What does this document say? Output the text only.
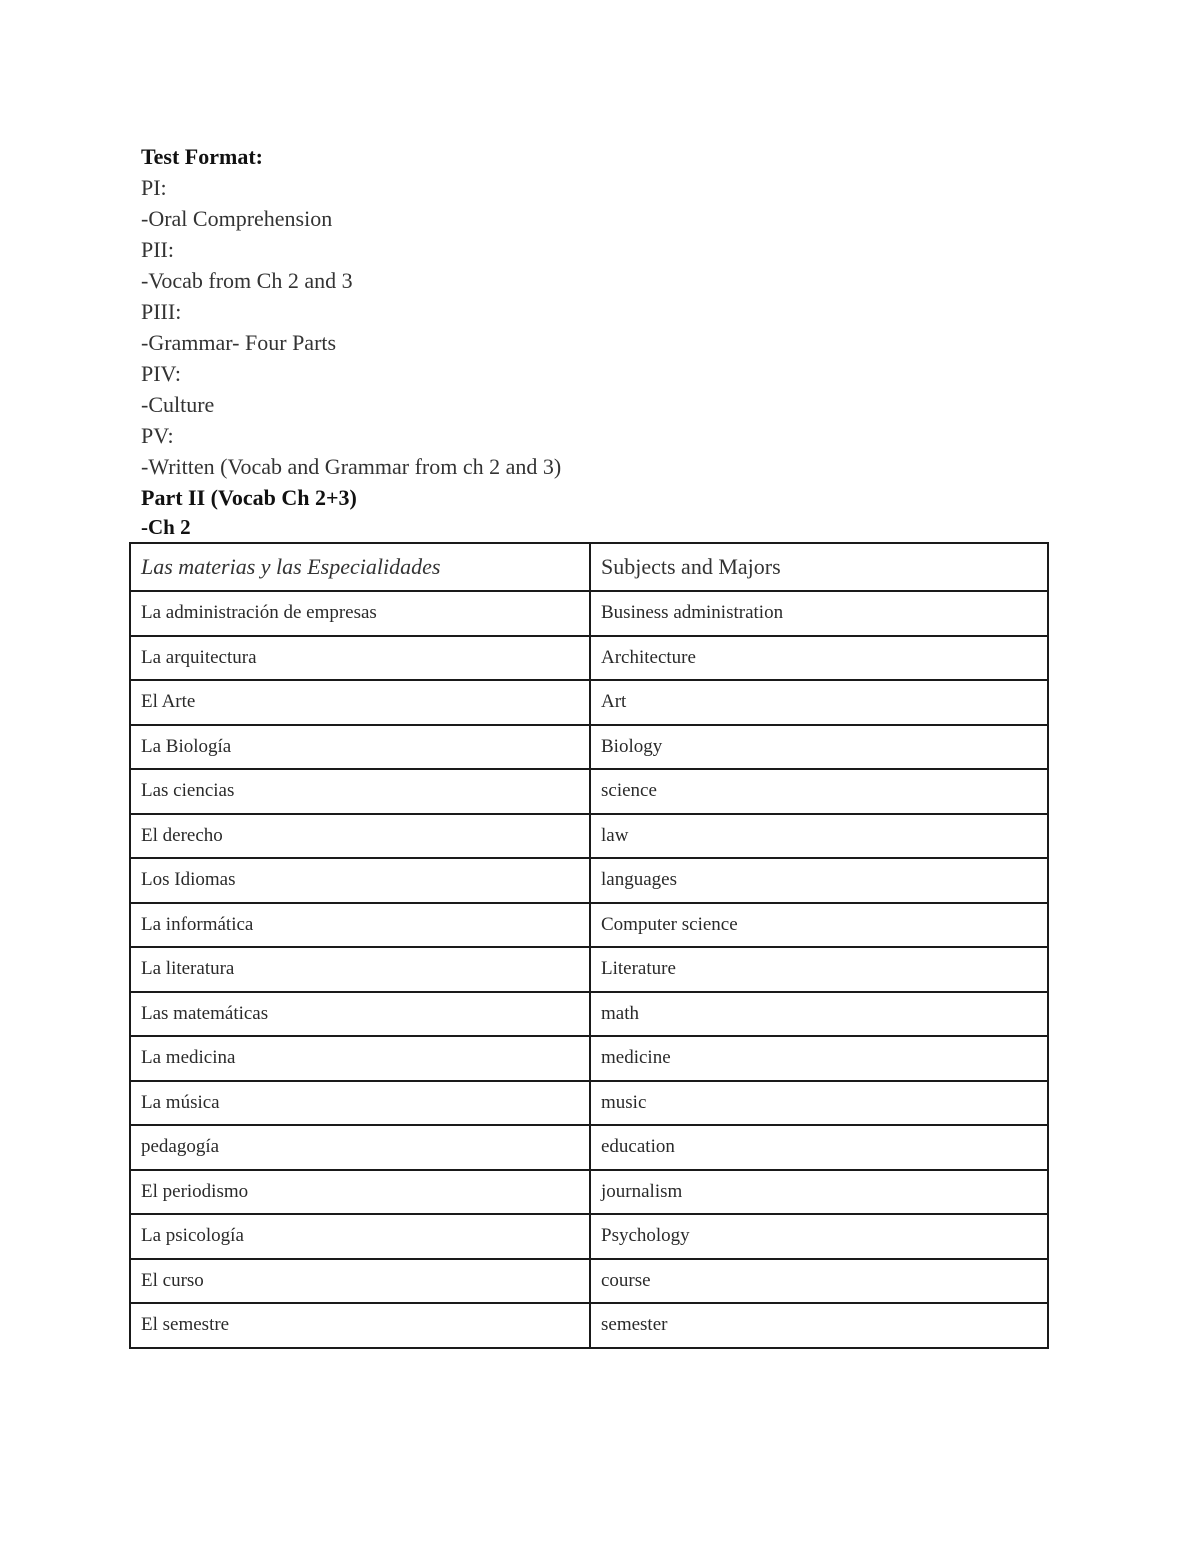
Test Format:
PI:
-Oral Comprehension
PII:
-Vocab from Ch 2 and 3
PIII:
-Grammar- Four Parts
PIV:
-Culture
PV:
-Written (Vocab and Grammar from ch 2 and 3)
Part II (Vocab Ch 2+3)
-Ch 2
Las materias y las Especialidades	Subjects and Majors
La administración de empresas	Business administration
La arquitectura	Architecture
El Arte	Art
La Biología	Biology
Las ciencias	science
El derecho	law
Los Idiomas	languages
La informática	Computer science
La literatura	Literature
Las matemáticas	math
La medicina	medicine
La música	music
pedagogía	education
El periodismo	journalism
La psicología	Psychology
El curso	course
El semestre	semester
